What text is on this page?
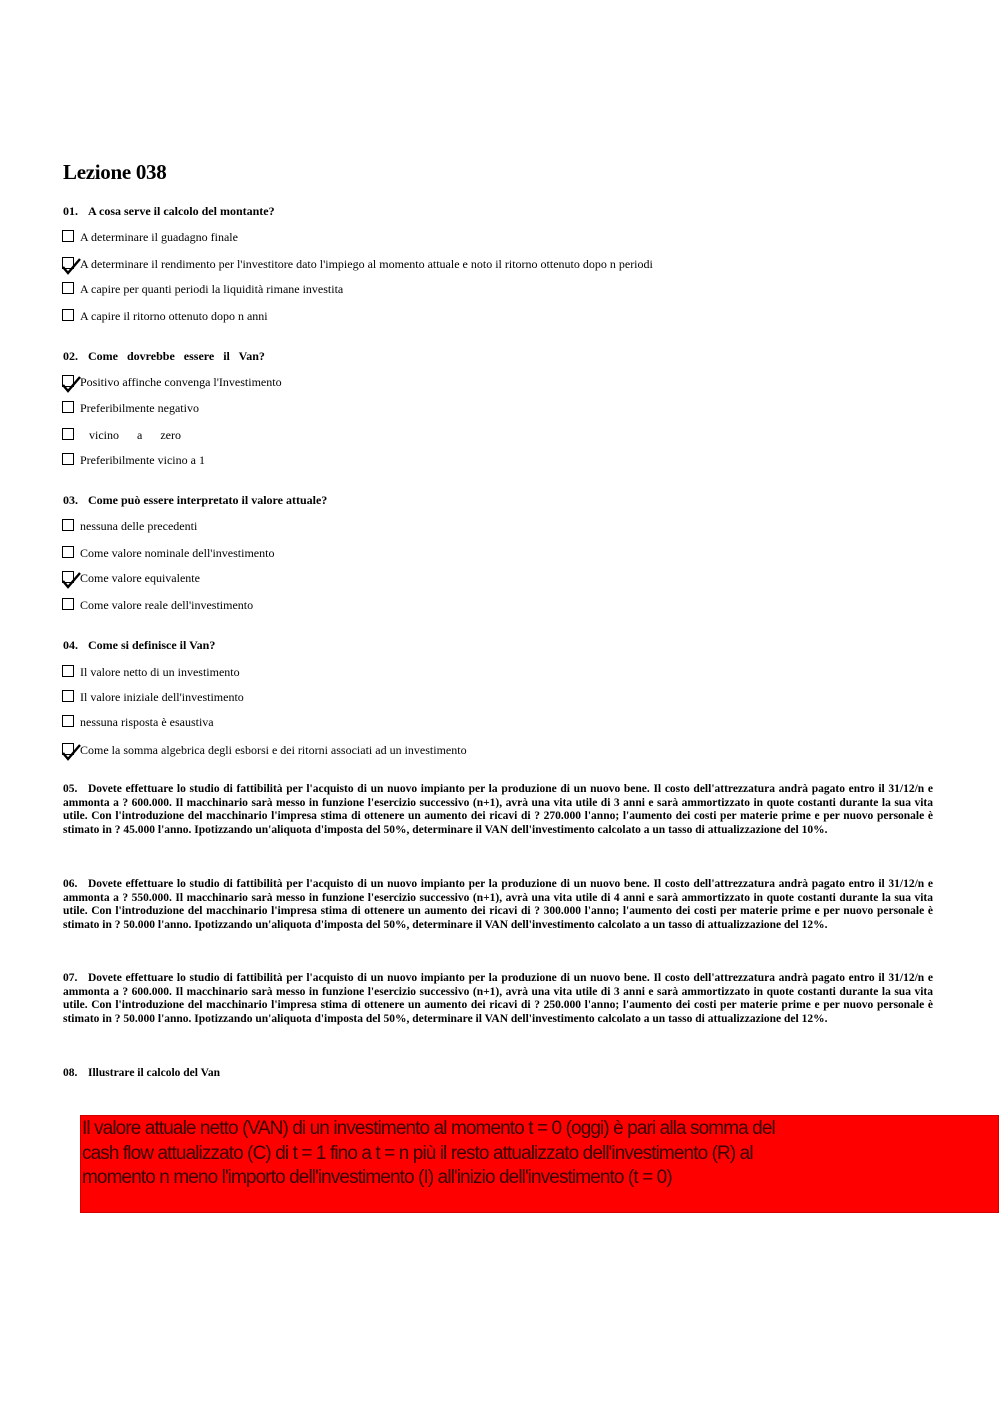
Lezione 038
01. A cosa serve il calcolo del montante?
A determinare il guadagno finale
A determinare il rendimento per l'investitore dato l'impiego al momento attuale e noto il ritorno ottenuto dopo n periodi
A capire per quanti periodi la liquidità rimane investita
A capire il ritorno ottenuto dopo n anni
02. Come   dovrebbe   essere   il   Van?
Positivo affinche convenga l'Investimento
Preferibilmente negativo
vicino      a      zero
Preferibilmente vicino a 1
03. Come può essere interpretato il valore attuale?
nessuna delle precedenti
Come valore nominale dell'investimento
Come valore equivalente
Come valore reale dell'investimento
04. Come si definisce il Van?
Il valore netto di un investimento
Il valore iniziale dell'investimento
nessuna risposta è esaustiva
Come la somma algebrica degli esborsi e dei ritorni associati ad un investimento
05. Dovete effettuare lo studio di fattibilità per l'acquisto di un nuovo impianto per la produzione di un nuovo bene. Il costo dell'attrezzatura andrà pagato entro il 31/12/n e ammonta a ? 600.000. Il macchinario sarà messo in funzione l'esercizio successivo (n+1), avrà una vita utile di 3 anni e sarà ammortizzato in quote costanti durante la sua vita utile. Con l'introduzione del macchinario l'impresa stima di ottenere un aumento dei ricavi di ? 270.000 l'anno; l'aumento dei costi per materie prime e per nuovo personale è stimato in ? 45.000 l'anno. Ipotizzando un'aliquota d'imposta del 50%, determinare il VAN dell'investimento calcolato a un tasso di attualizzazione del 10%.
06. Dovete effettuare lo studio di fattibilità per l'acquisto di un nuovo impianto per la produzione di un nuovo bene. Il costo dell'attrezzatura andrà pagato entro il 31/12/n e ammonta a ? 550.000. Il macchinario sarà messo in funzione l'esercizio successivo (n+1), avrà una vita utile di 4 anni e sarà ammortizzato in quote costanti durante la sua vita utile. Con l'introduzione del macchinario l'impresa stima di ottenere un aumento dei ricavi di ? 300.000 l'anno; l'aumento dei costi per materie prime e per nuovo personale è stimato in ? 50.000 l'anno. Ipotizzando un'aliquota d'imposta del 50%, determinare il VAN dell'investimento calcolato a un tasso di attualizzazione del 12%.
07. Dovete effettuare lo studio di fattibilità per l'acquisto di un nuovo impianto per la produzione di un nuovo bene. Il costo dell'attrezzatura andrà pagato entro il 31/12/n e ammonta a ? 600.000. Il macchinario sarà messo in funzione l'esercizio successivo (n+1), avrà una vita utile di 3 anni e sarà ammortizzato in quote costanti durante la sua vita utile. Con l'introduzione del macchinario l'impresa stima di ottenere un aumento dei ricavi di ? 250.000 l'anno; l'aumento dei costi per materie prime e per nuovo personale è stimato in ? 50.000 l'anno. Ipotizzando un'aliquota d'imposta del 50%, determinare il VAN dell'investimento calcolato a un tasso di attualizzazione del 12%.
08. Illustrare il calcolo del Van
Il valore attuale netto (VAN) di un investimento al momento t = 0 (oggi) è pari alla somma del cash flow attualizzato (C) di t = 1 fino a t = n più il resto attualizzato dell'investimento (R) al momento n meno l'importo dell'investimento (I) all'inizio dell'investimento (t = 0)
